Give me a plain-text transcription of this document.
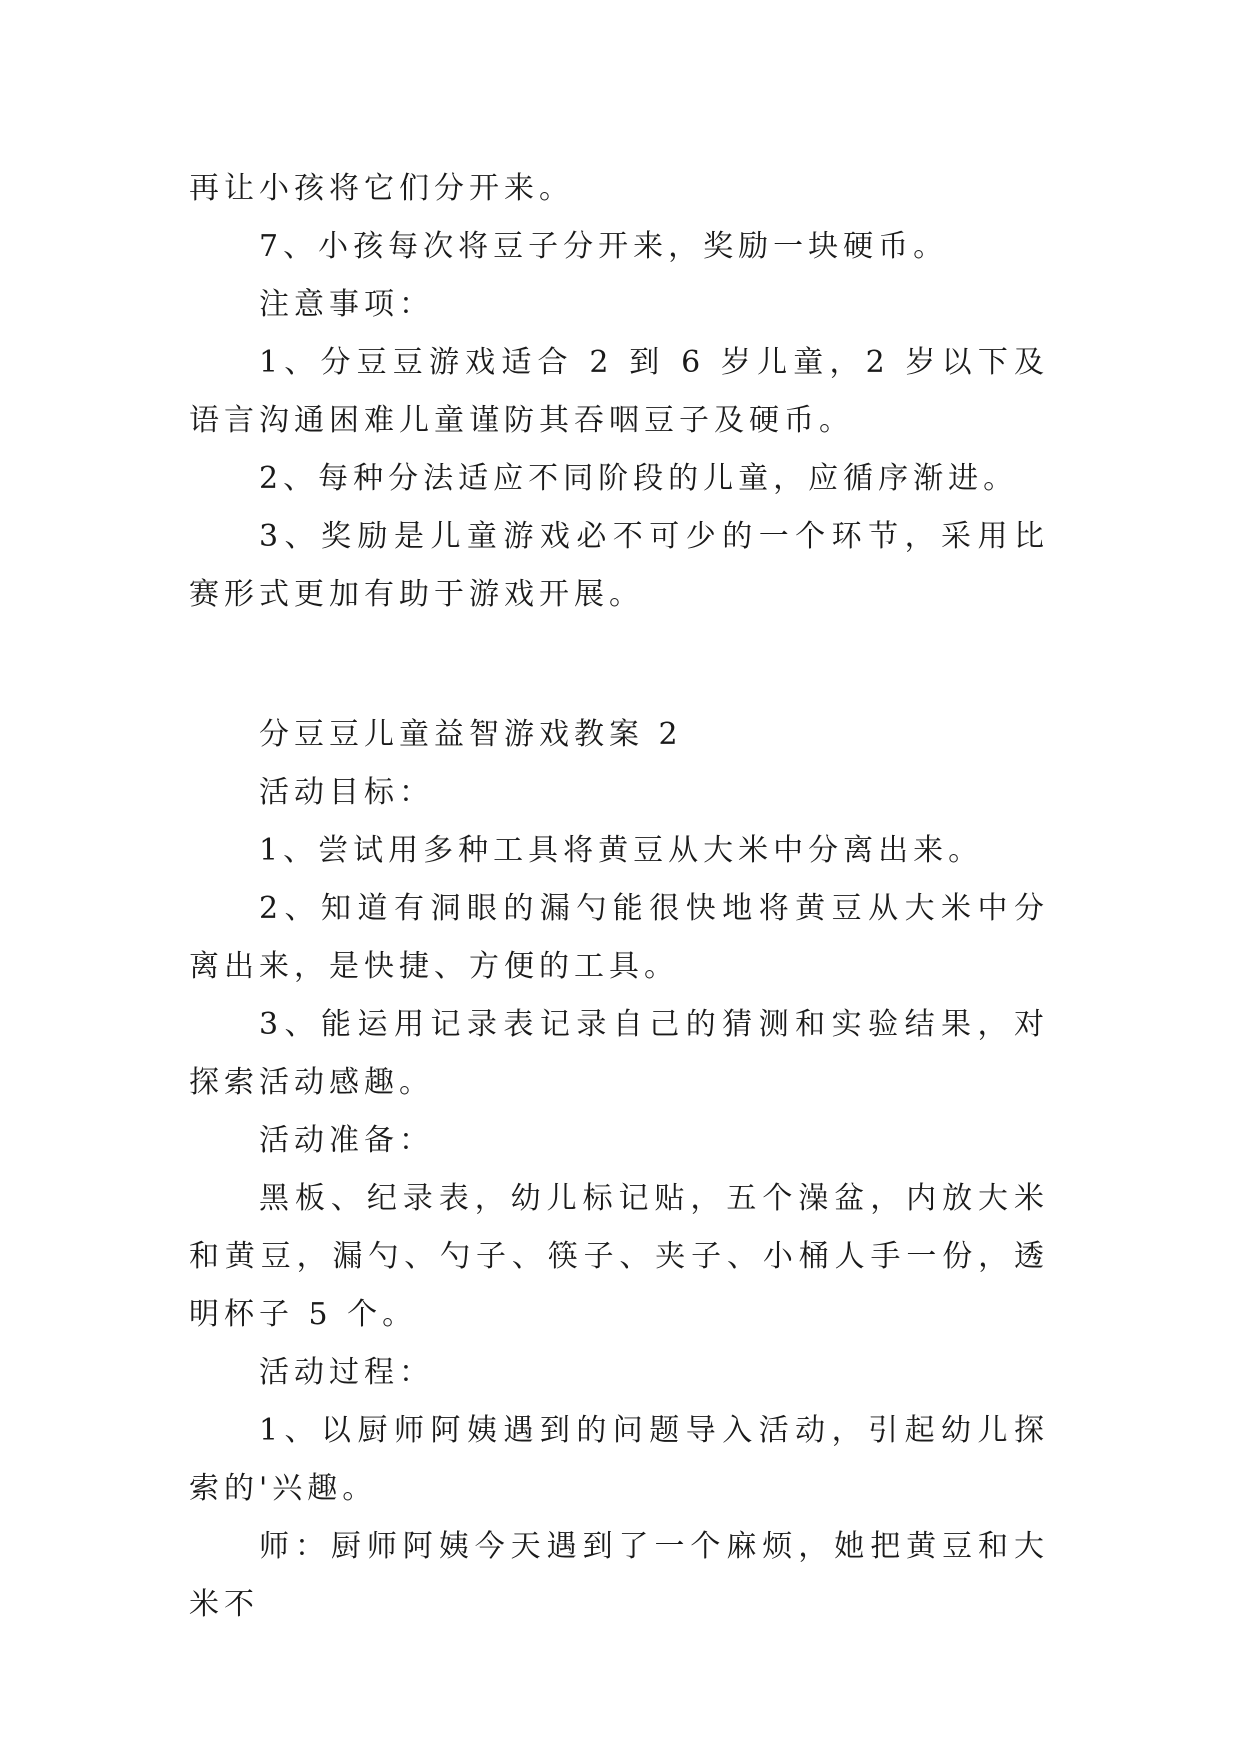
再让小孩将它们分开来。

7、小孩每次将豆子分开来，奖励一块硬币。

注意事项：

1、分豆豆游戏适合 2 到 6 岁儿童，2 岁以下及语言沟通困难儿童谨防其吞咽豆子及硬币。

2、每种分法适应不同阶段的儿童，应循序渐进。

3、奖励是儿童游戏必不可少的一个环节，采用比赛形式更加有助于游戏开展。

分豆豆儿童益智游戏教案 2

活动目标：

1、尝试用多种工具将黄豆从大米中分离出来。

2、知道有洞眼的漏勺能很快地将黄豆从大米中分离出来，是快捷、方便的工具。

3、能运用记录表记录自己的猜测和实验结果，对探索活动感趣。

活动准备：

黑板、纪录表，幼儿标记贴，五个澡盆，内放大米和黄豆，漏勺、勺子、筷子、夹子、小桶人手一份，透明杯子 5 个。

活动过程：

1、以厨师阿姨遇到的问题导入活动，引起幼儿探索的'兴趣。

师：厨师阿姨今天遇到了一个麻烦，她把黄豆和大米不
